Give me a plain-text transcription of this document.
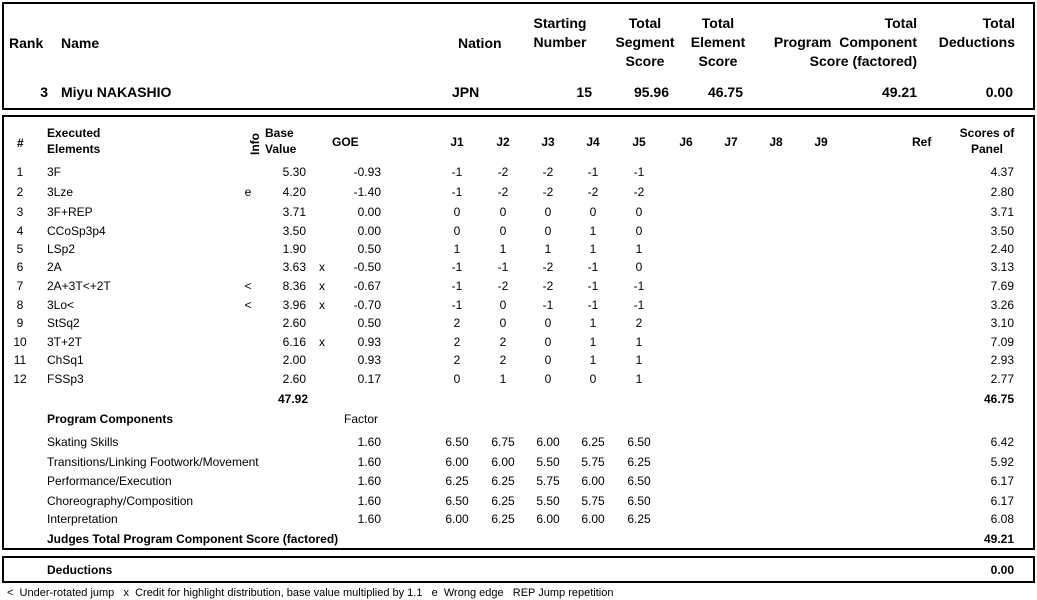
Rank Name	Nation
Starting
Number
Total
Segment
Score
Total
Element
Score
Total
Program  Component
Score (factored)
Total
Deductions
3 Miyu NAKASHIO	JPN	15	95.96	46.75	49.21	0.00
#
Executed
Elements	Info Base
Value	GOE	J1	J2	J3	J4	J5	J6	J7	J8	J9	Ref
Scores of
Panel
1	3F	5.30	-0.93	-1	-2	-2	-1	-1	4.37
2	3Lze	e	4.20	-1.40	-1	-2	-2	-2	-2	2.80
3	3F+REP	3.71	0.00	0	0	0	0	0	3.71
4	CCoSp3p4	3.50	0.00	0	0	0	1	0	3.50
5	LSp2	1.90	0.50	1	1	1	1	1	2.40
6	2A	3.63 x	-0.50	-1	-1	-2	-1	0	3.13
7	2A+3T<+2T	<	8.36 x	-0.67	-1	-2	-2	-1	-1	7.69
8	3Lo<	<	3.96 x	-0.70	-1	0	-1	-1	-1	3.26
9	StSq2	2.60	0.50	2	0	0	1	2	3.10
10 3T+2T	6.16 x	0.93	2	2	0	1	1	7.09
11	ChSq1	2.00	0.93	2	2	0	1	1	2.93
12 FSSp3	2.60	0.17	0	1	0	0	1	2.77
47.92	46.75
Program Components	Factor
Skating Skills	1.60	6.50	6.75	6.00	6.25	6.50	6.42
Transitions/Linking Footwork/Movement	1.60	6.00	6.00	5.50	5.75	6.25	5.92
Performance/Execution	1.60	6.25	6.25	5.75	6.00	6.50	6.17
Choreography/Composition	1.60	6.50	6.25	5.50	5.75	6.50	6.17
Interpretation	1.60	6.00	6.25	6.00	6.00	6.25	6.08
Judges Total Program Component Score (factored)	49.21
Deductions	0.00
<  Under-rotated jump   x  Credit for highlight distribution, base value multiplied by 1.1   e  Wrong edge   REP Jump repetition
